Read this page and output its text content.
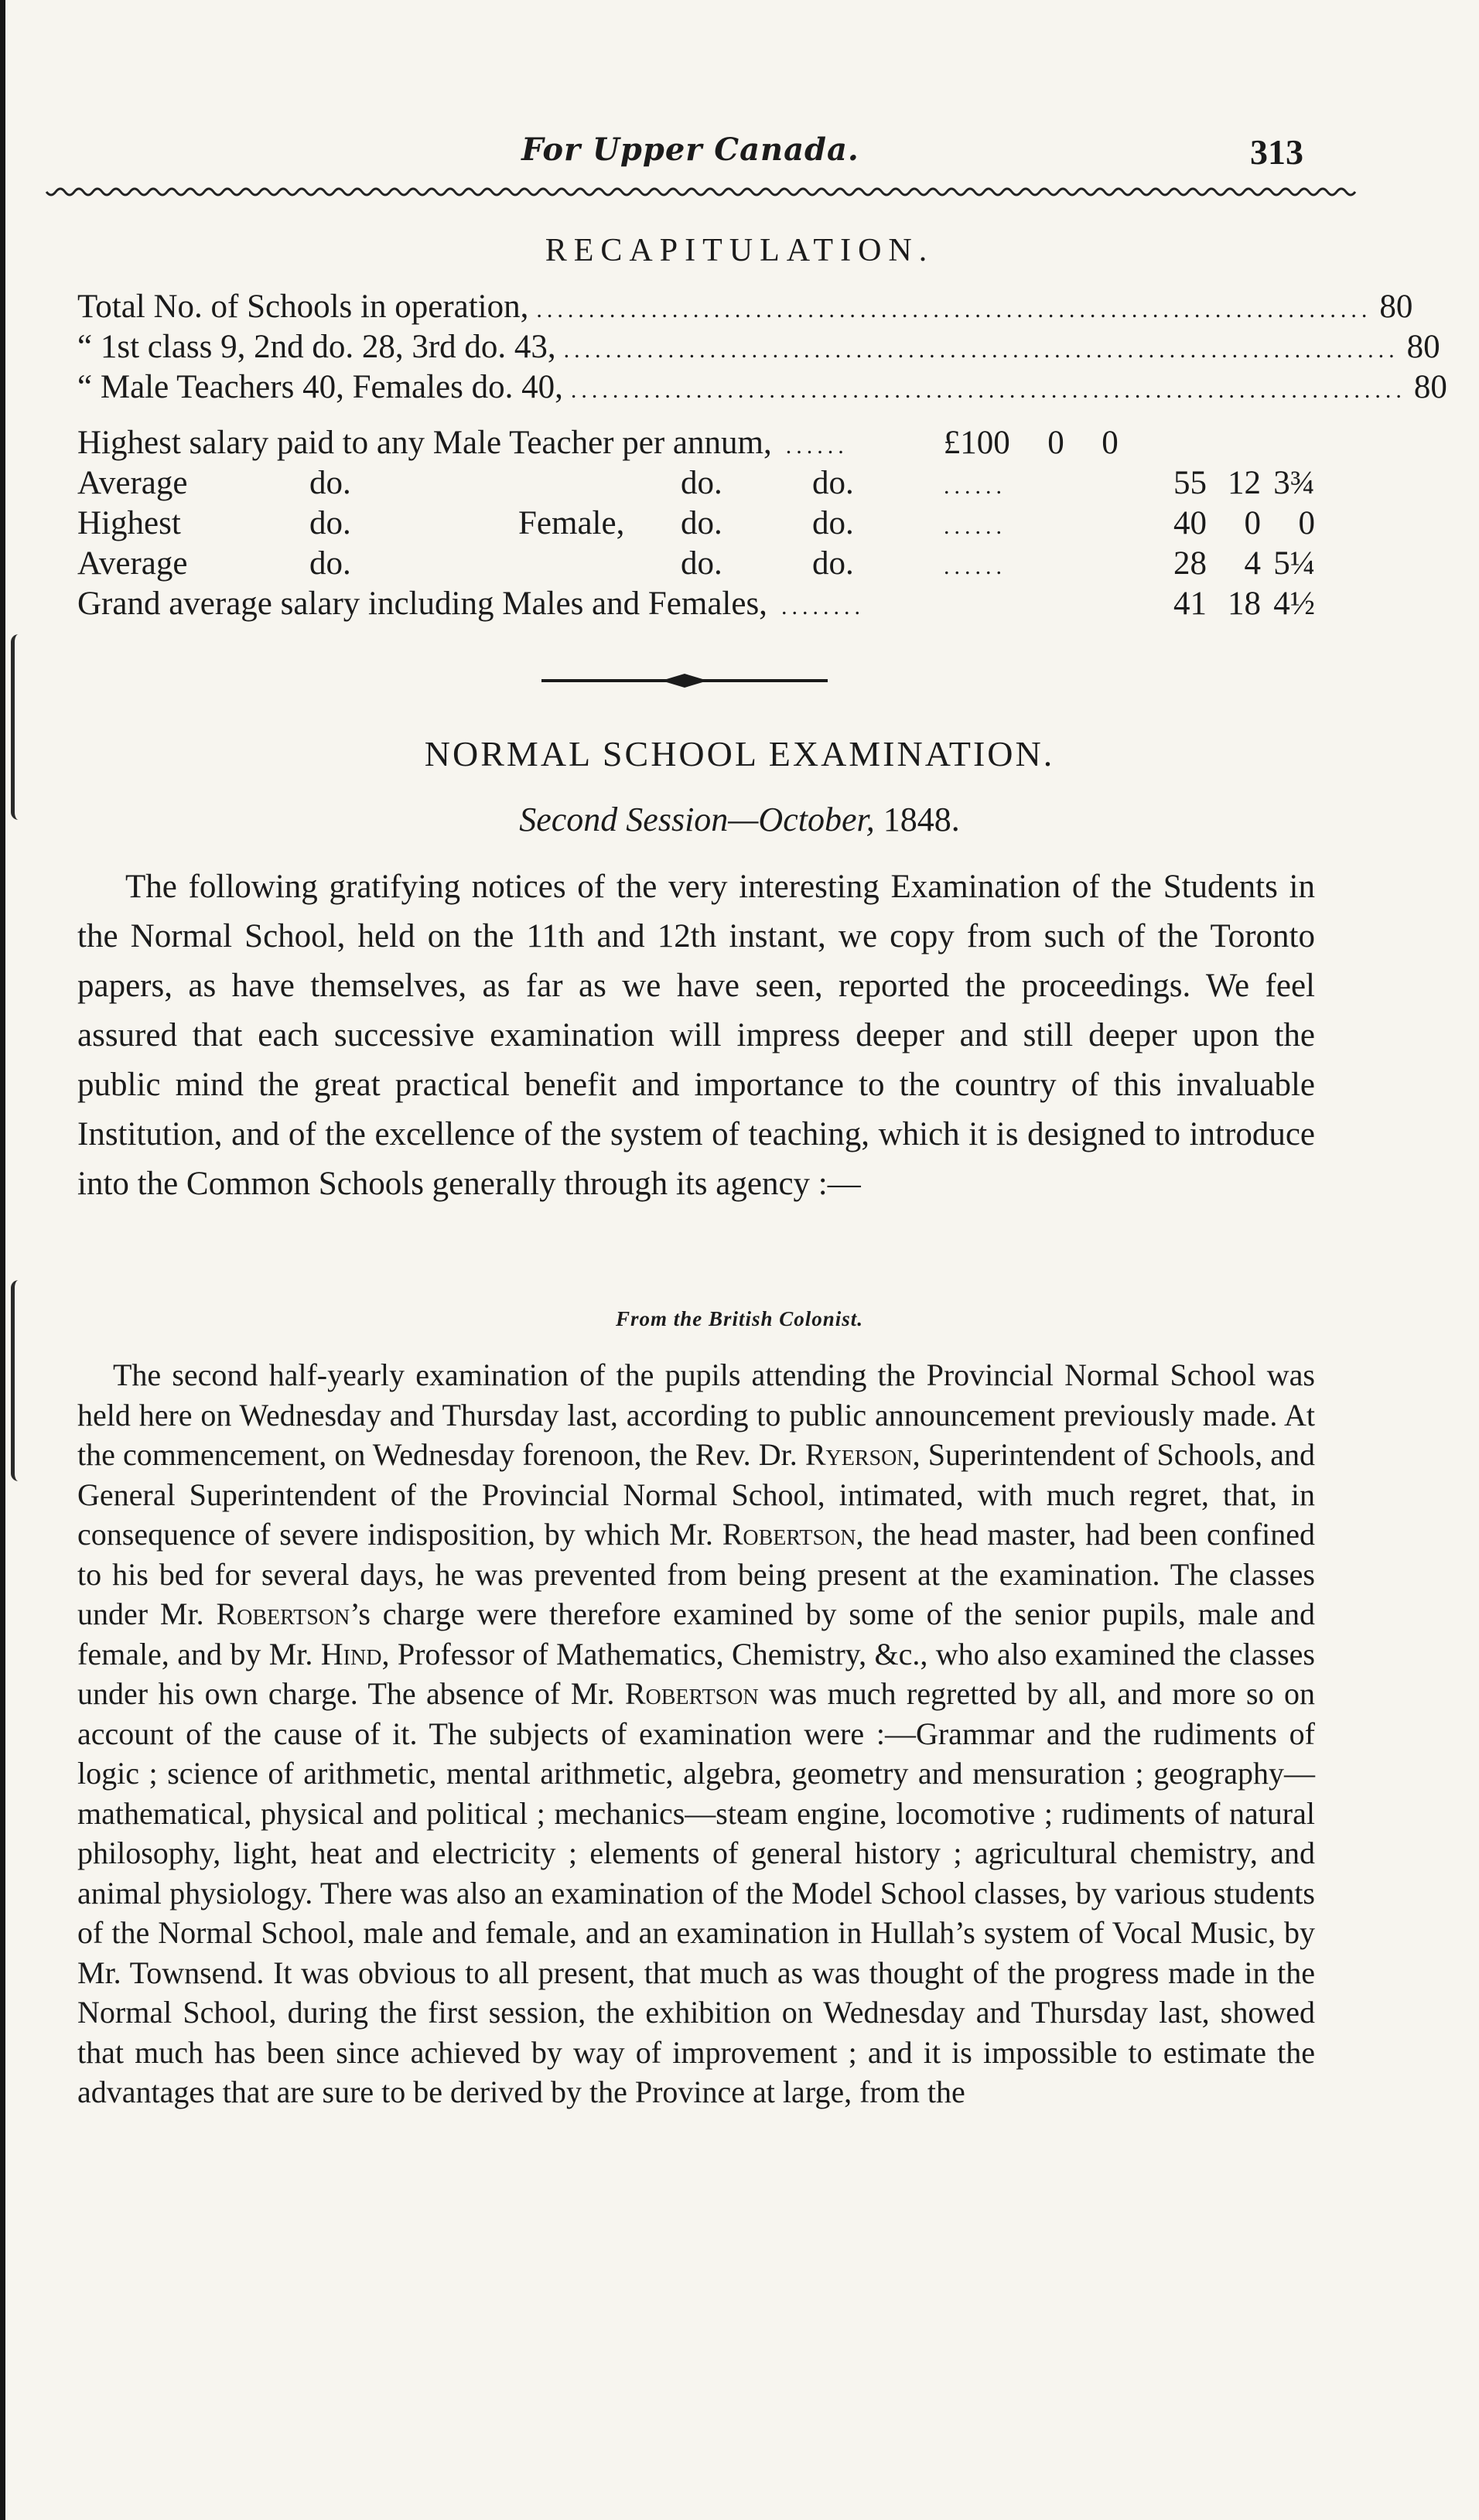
For Upper Canada.	313
RECAPITULATION.
Total No. of Schools in operation, ................................................................................ 80
“ 1st class 9, 2nd do. 28, 3rd do. 43, ................................................................................ 80
“ Male Teachers 40, Females do. 40, ................................................................................ 80
Highest salary paid to any Male Teacher per annum, ......	£100	0	0
Average	do.	do.	do.	......	55 12 3¾
Highest	do.	Female,	do.	do.	......	40	0	0
Average	do.	do.	do.	......	28	4 5¼
Grand average salary including Males and Females, ........	41 18 4½
NORMAL SCHOOL EXAMINATION.
Second Session—October, 1848.

The following gratifying notices of the very interesting Examination of the Students in the Normal School, held on the 11th and 12th instant, we copy from such of the Toronto papers, as have themselves, as far as we have seen, reported the proceedings. We feel assured that each successive examination will impress deeper and still deeper upon the public mind the great practical benefit and importance to the country of this invaluable Institution, and of the excellence of the system of teaching, which it is designed to introduce into the Common Schools generally through its agency :—

From the British Colonist.

The second half-yearly examination of the pupils attending the Provincial Normal School was held here on Wednesday and Thursday last, according to public announcement previously made. At the commencement, on Wednesday forenoon, the Rev. Dr. Ryerson, Superintendent of Schools, and General Superintendent of the Provincial Normal School, intimated, with much regret, that, in consequence of severe indisposition, by which Mr. Robertson, the head master, had been confined to his bed for several days, he was prevented from being present at the examination. The classes under Mr. Robertson’s charge were therefore examined by some of the senior pupils, male and female, and by Mr. Hind, Professor of Mathematics, Chemistry, &c., who also examined the classes under his own charge. The absence of Mr. Robertson was much regretted by all, and more so on account of the cause of it. The subjects of examination were :—Grammar and the rudiments of logic ; science of arithmetic, mental arithmetic, algebra, geometry and mensuration ; geography—mathematical, physical and political ; mechanics—steam engine, locomotive ; rudiments of natural philosophy, light, heat and electricity ; elements of general history ; agricultural chemistry, and animal physiology. There was also an examination of the Model School classes, by various students of the Normal School, male and female, and an examination in Hullah’s system of Vocal Music, by Mr. Townsend. It was obvious to all present, that much as was thought of the progress made in the Normal School, during the first session, the exhibition on Wednesday and Thursday last, showed that much has been since achieved by way of improvement ; and it is impossible to estimate the advantages that are sure to be derived by the Province at large, from the
